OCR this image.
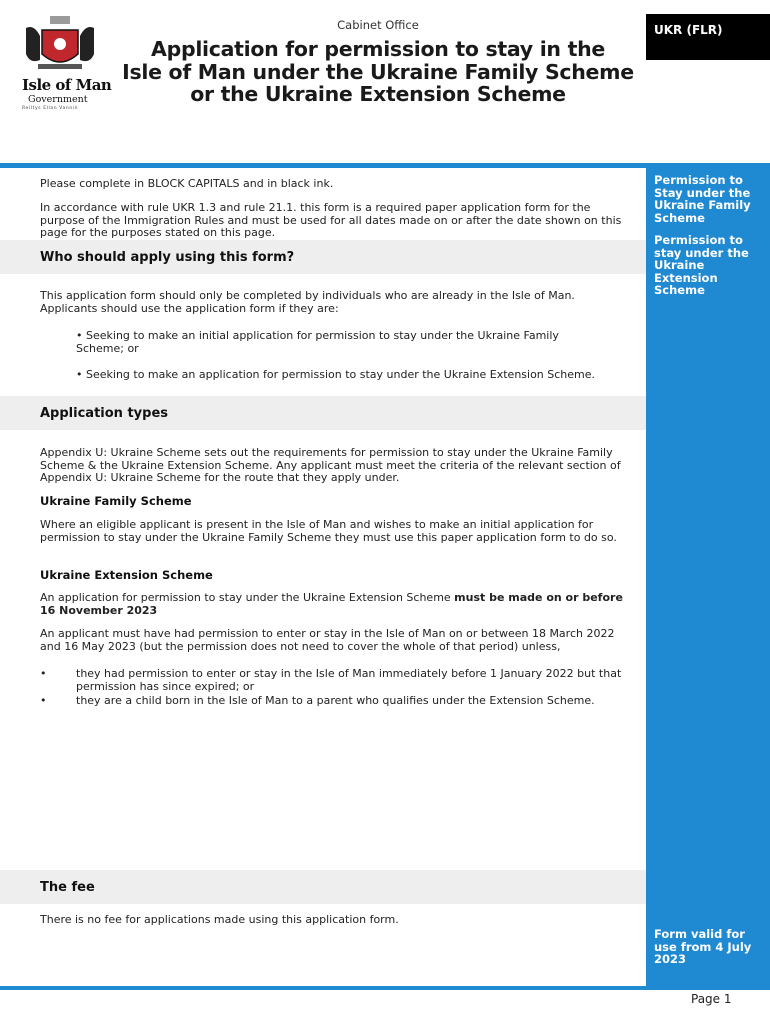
Isle of Man
Government
Reiltys Ellan Vannin
Cabinet Office
Application for permission to stay in the
Isle of Man under the Ukraine Family Scheme
or the Ukraine Extension Scheme
UKR (FLR)
Permission to Stay under the Ukraine Family Scheme
Permission to stay under the Ukraine Extension Scheme
Form valid for use from 4 July 2023
Please complete in BLOCK CAPITALS and in black ink.
In accordance with rule UKR 1.3 and rule 21.1. this form is a required paper application form for the purpose of the Immigration Rules and must be used for all dates made on or after the date shown on this page for the purposes stated on this page.
Who should apply using this form?
This application form should only be completed by individuals who are already in the Isle of Man. Applicants should use the application form if they are:
• Seeking to make an initial application for permission to stay under the Ukraine Family Scheme; or
• Seeking to make an application for permission to stay under the Ukraine Extension Scheme.
Application types
Appendix U: Ukraine Scheme sets out the requirements for permission to stay under the Ukraine Family Scheme & the Ukraine Extension Scheme. Any applicant must meet the criteria of the relevant section of Appendix U: Ukraine Scheme for the route that they apply under.
Ukraine Family Scheme
Where an eligible applicant is present in the Isle of Man and wishes to make an initial application for permission to stay under the Ukraine Family Scheme they must use this paper application form to do so.
Ukraine Extension Scheme
An application for permission to stay under the Ukraine Extension Scheme must be made on or before 16 November 2023
An applicant must have had permission to enter or stay in the Isle of Man on or between 18 March 2022 and 16 May 2023 (but the permission does not need to cover the whole of that period) unless,
•	they had permission to enter or stay in the Isle of Man immediately before 1 January 2022 but that permission has since expired; or
•	they are a child born in the Isle of Man to a parent who qualifies under the Extension Scheme.
The fee
There is no fee for applications made using this application form.
Page 1
